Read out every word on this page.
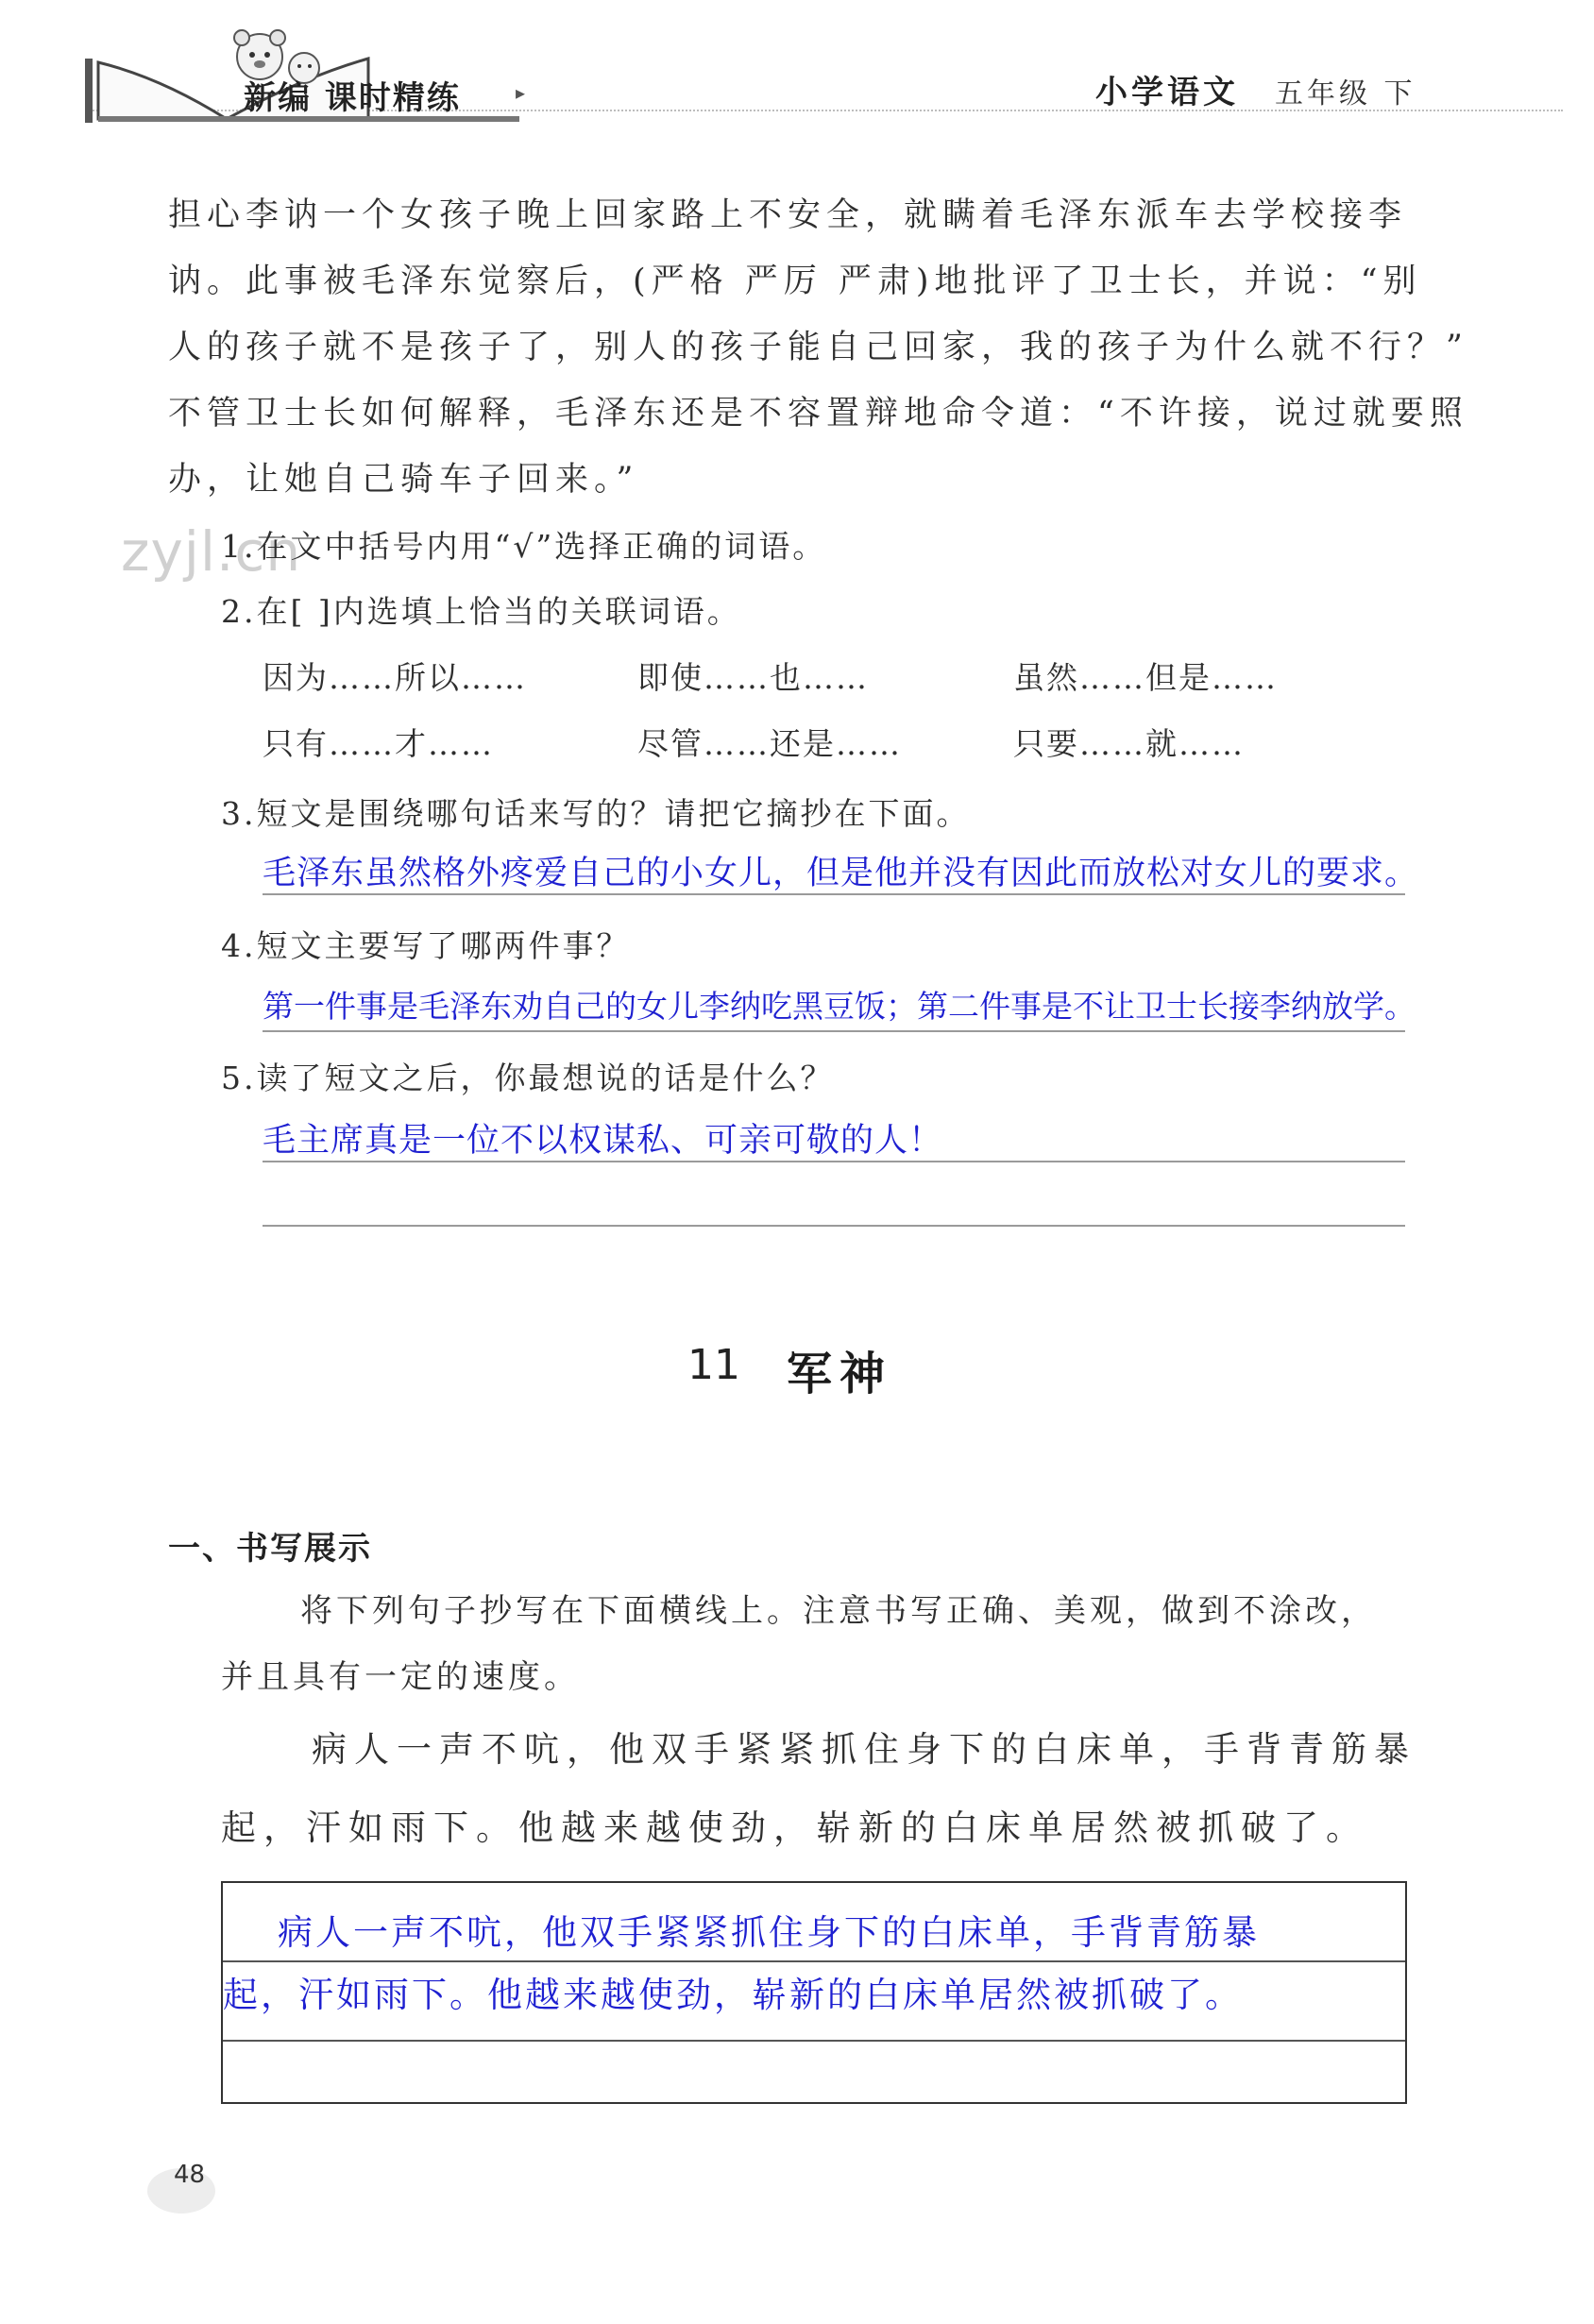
新编 课时精练	▸	小学语文 五年级 下
担心李讷一个女孩子晚上回家路上不安全，就瞒着毛泽东派车去学校接李
讷。此事被毛泽东觉察后，(严格 严厉 严肃)地批评了卫士长，并说：“别
人的孩子就不是孩子了，别人的孩子能自己回家，我的孩子为什么就不行？”
不管卫士长如何解释，毛泽东还是不容置辩地命令道：“不许接，说过就要照
办，让她自己骑车子回来。”
zyjl.cn
1.在文中括号内用“√”选择正确的词语。
2.在[ ]内选填上恰当的关联词语。
因为……所以……	即使……也……	虽然……但是……
只有……才……	尽管……还是……	只要……就……
3.短文是围绕哪句话来写的？请把它摘抄在下面。
毛泽东虽然格外疼爱自己的小女儿，但是他并没有因此而放松对女儿的要求。
4.短文主要写了哪两件事？
第一件事是毛泽东劝自己的女儿李纳吃黑豆饭；第二件事是不让卫士长接李纳放学。
5.读了短文之后，你最想说的话是什么？
毛主席真是一位不以权谋私、可亲可敬的人！
11 军神
一、书写展示
将下列句子抄写在下面横线上。注意书写正确、美观，做到不涂改，
并且具有一定的速度。
病人一声不吭，他双手紧紧抓住身下的白床单，手背青筋暴
起，汗如雨下。他越来越使劲，崭新的白床单居然被抓破了。
病人一声不吭，他双手紧紧抓住身下的白床单，手背青筋暴
起，汗如雨下。他越来越使劲，崭新的白床单居然被抓破了。
48
